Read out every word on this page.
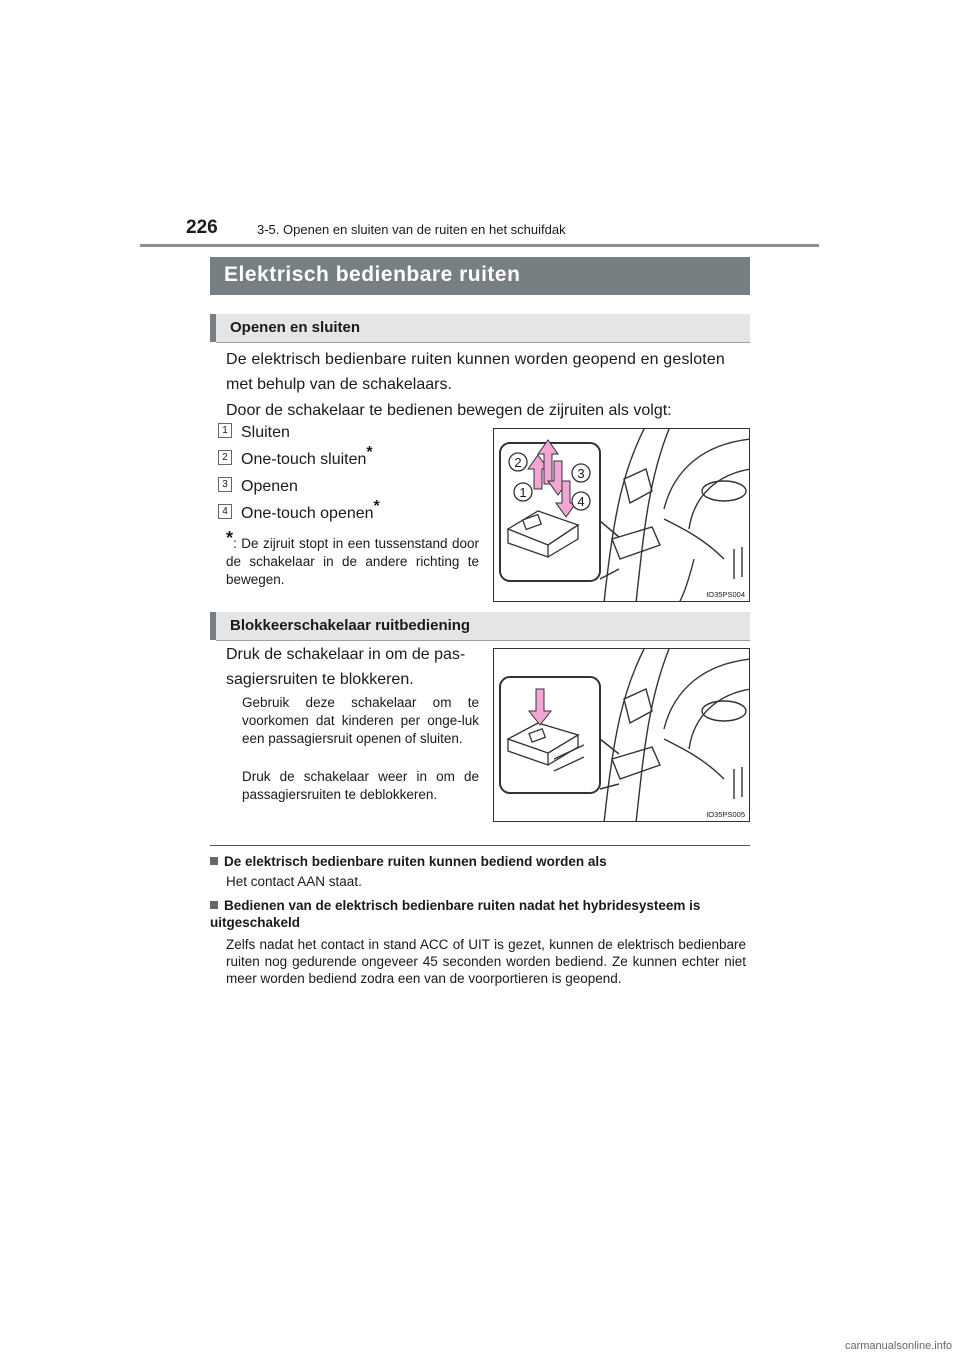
226	3-5. Openen en sluiten van de ruiten en het schuifdak
Elektrisch bedienbare ruiten
Openen en sluiten
De elektrisch bedienbare ruiten kunnen worden geopend en gesloten
met behulp van de schakelaars.
Door de schakelaar te bedienen bewegen de zijruiten als volgt:
1 Sluiten
2 One-touch sluiten*
3 Openen
4 One-touch openen*
*: De zijruit stopt in een tussenstand door de schakelaar in de andere richting te bewegen.
2
3
1
4
IO35PS004
Blokkeerschakelaar ruitbediening
Druk de schakelaar in om de pas-
sagiersruiten te blokkeren.
Gebruik deze schakelaar om te voorkomen dat kinderen per onge-luk een passagiersruit openen of sluiten.
Druk de schakelaar weer in om de passagiersruiten te deblokkeren.
IO35PS005
De elektrisch bedienbare ruiten kunnen bediend worden als
Het contact AAN staat.
Bedienen van de elektrisch bedienbare ruiten nadat het hybridesysteem is uitgeschakeld
Zelfs nadat het contact in stand ACC of UIT is gezet, kunnen de elektrisch bedienbare ruiten nog gedurende ongeveer 45 seconden worden bediend. Ze kunnen echter niet meer worden bediend zodra een van de voorportieren is geopend.
carmanualsonline.info
